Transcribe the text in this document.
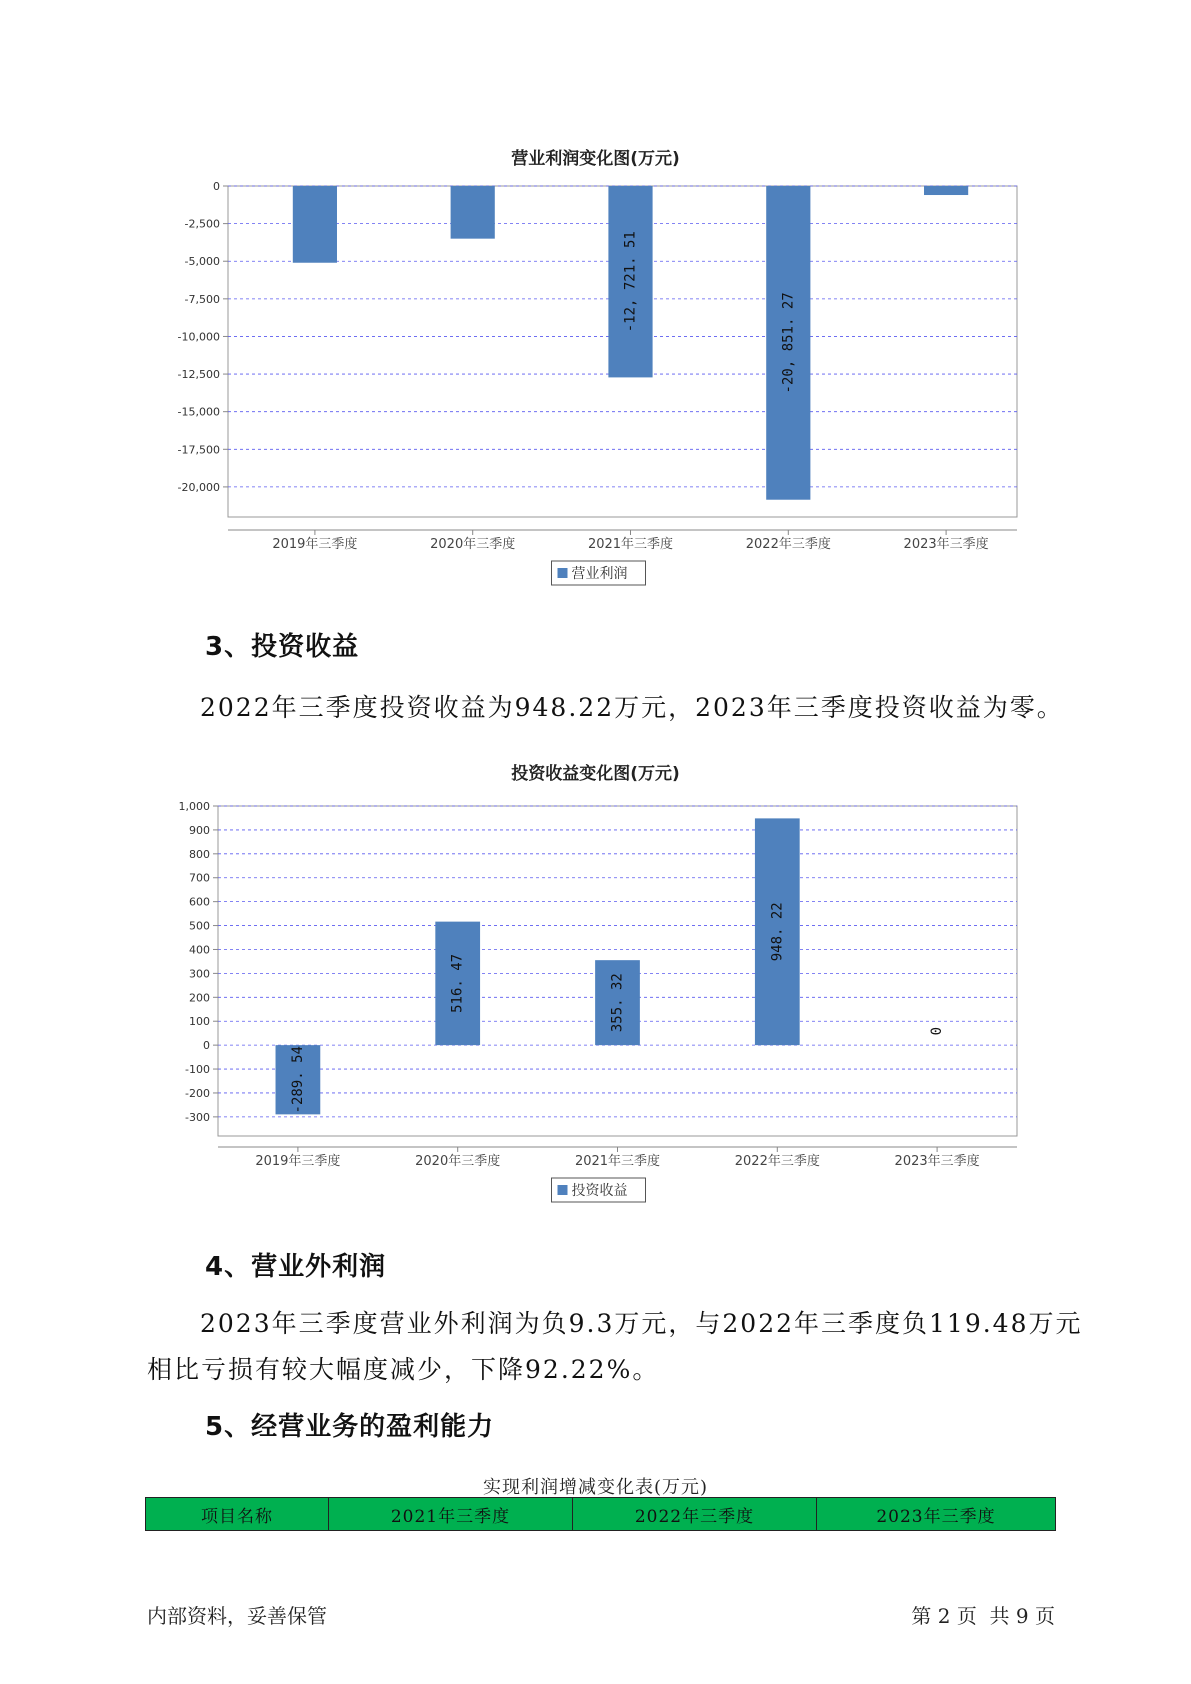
营业利润变化图(万元)
0
-2,500
-5,000
-7,500
-10,000
-12,500
-15,000
-17,500
-20,000
2019年三季度	2020年三季度	2021年三季度
-12, 721. 51
2022年三季度
-20, 851. 27
2023年三季度
营业利润
3、投资收益
2022年三季度投资收益为948.22万元，2023年三季度投资收益为零。
投资收益变化图(万元)
1,000
900
800
700
600
500
400
300
200
100
0
-100
-200
-300
2019年三季度
-289. 54
2020年三季度
516. 47
2021年三季度
355. 32
2022年三季度
948. 22
2023年三季度
0
投资收益
4、营业外利润
2023年三季度营业外利润为负9.3万元，与2022年三季度负119.48万元
相比亏损有较大幅度减少，下降92.22%。
5、经营业务的盈利能力
实现利润增减变化表(万元)
项目名称	2021年三季度	2022年三季度	2023年三季度
内部资料，妥善保管	第 2 页  共 9 页
